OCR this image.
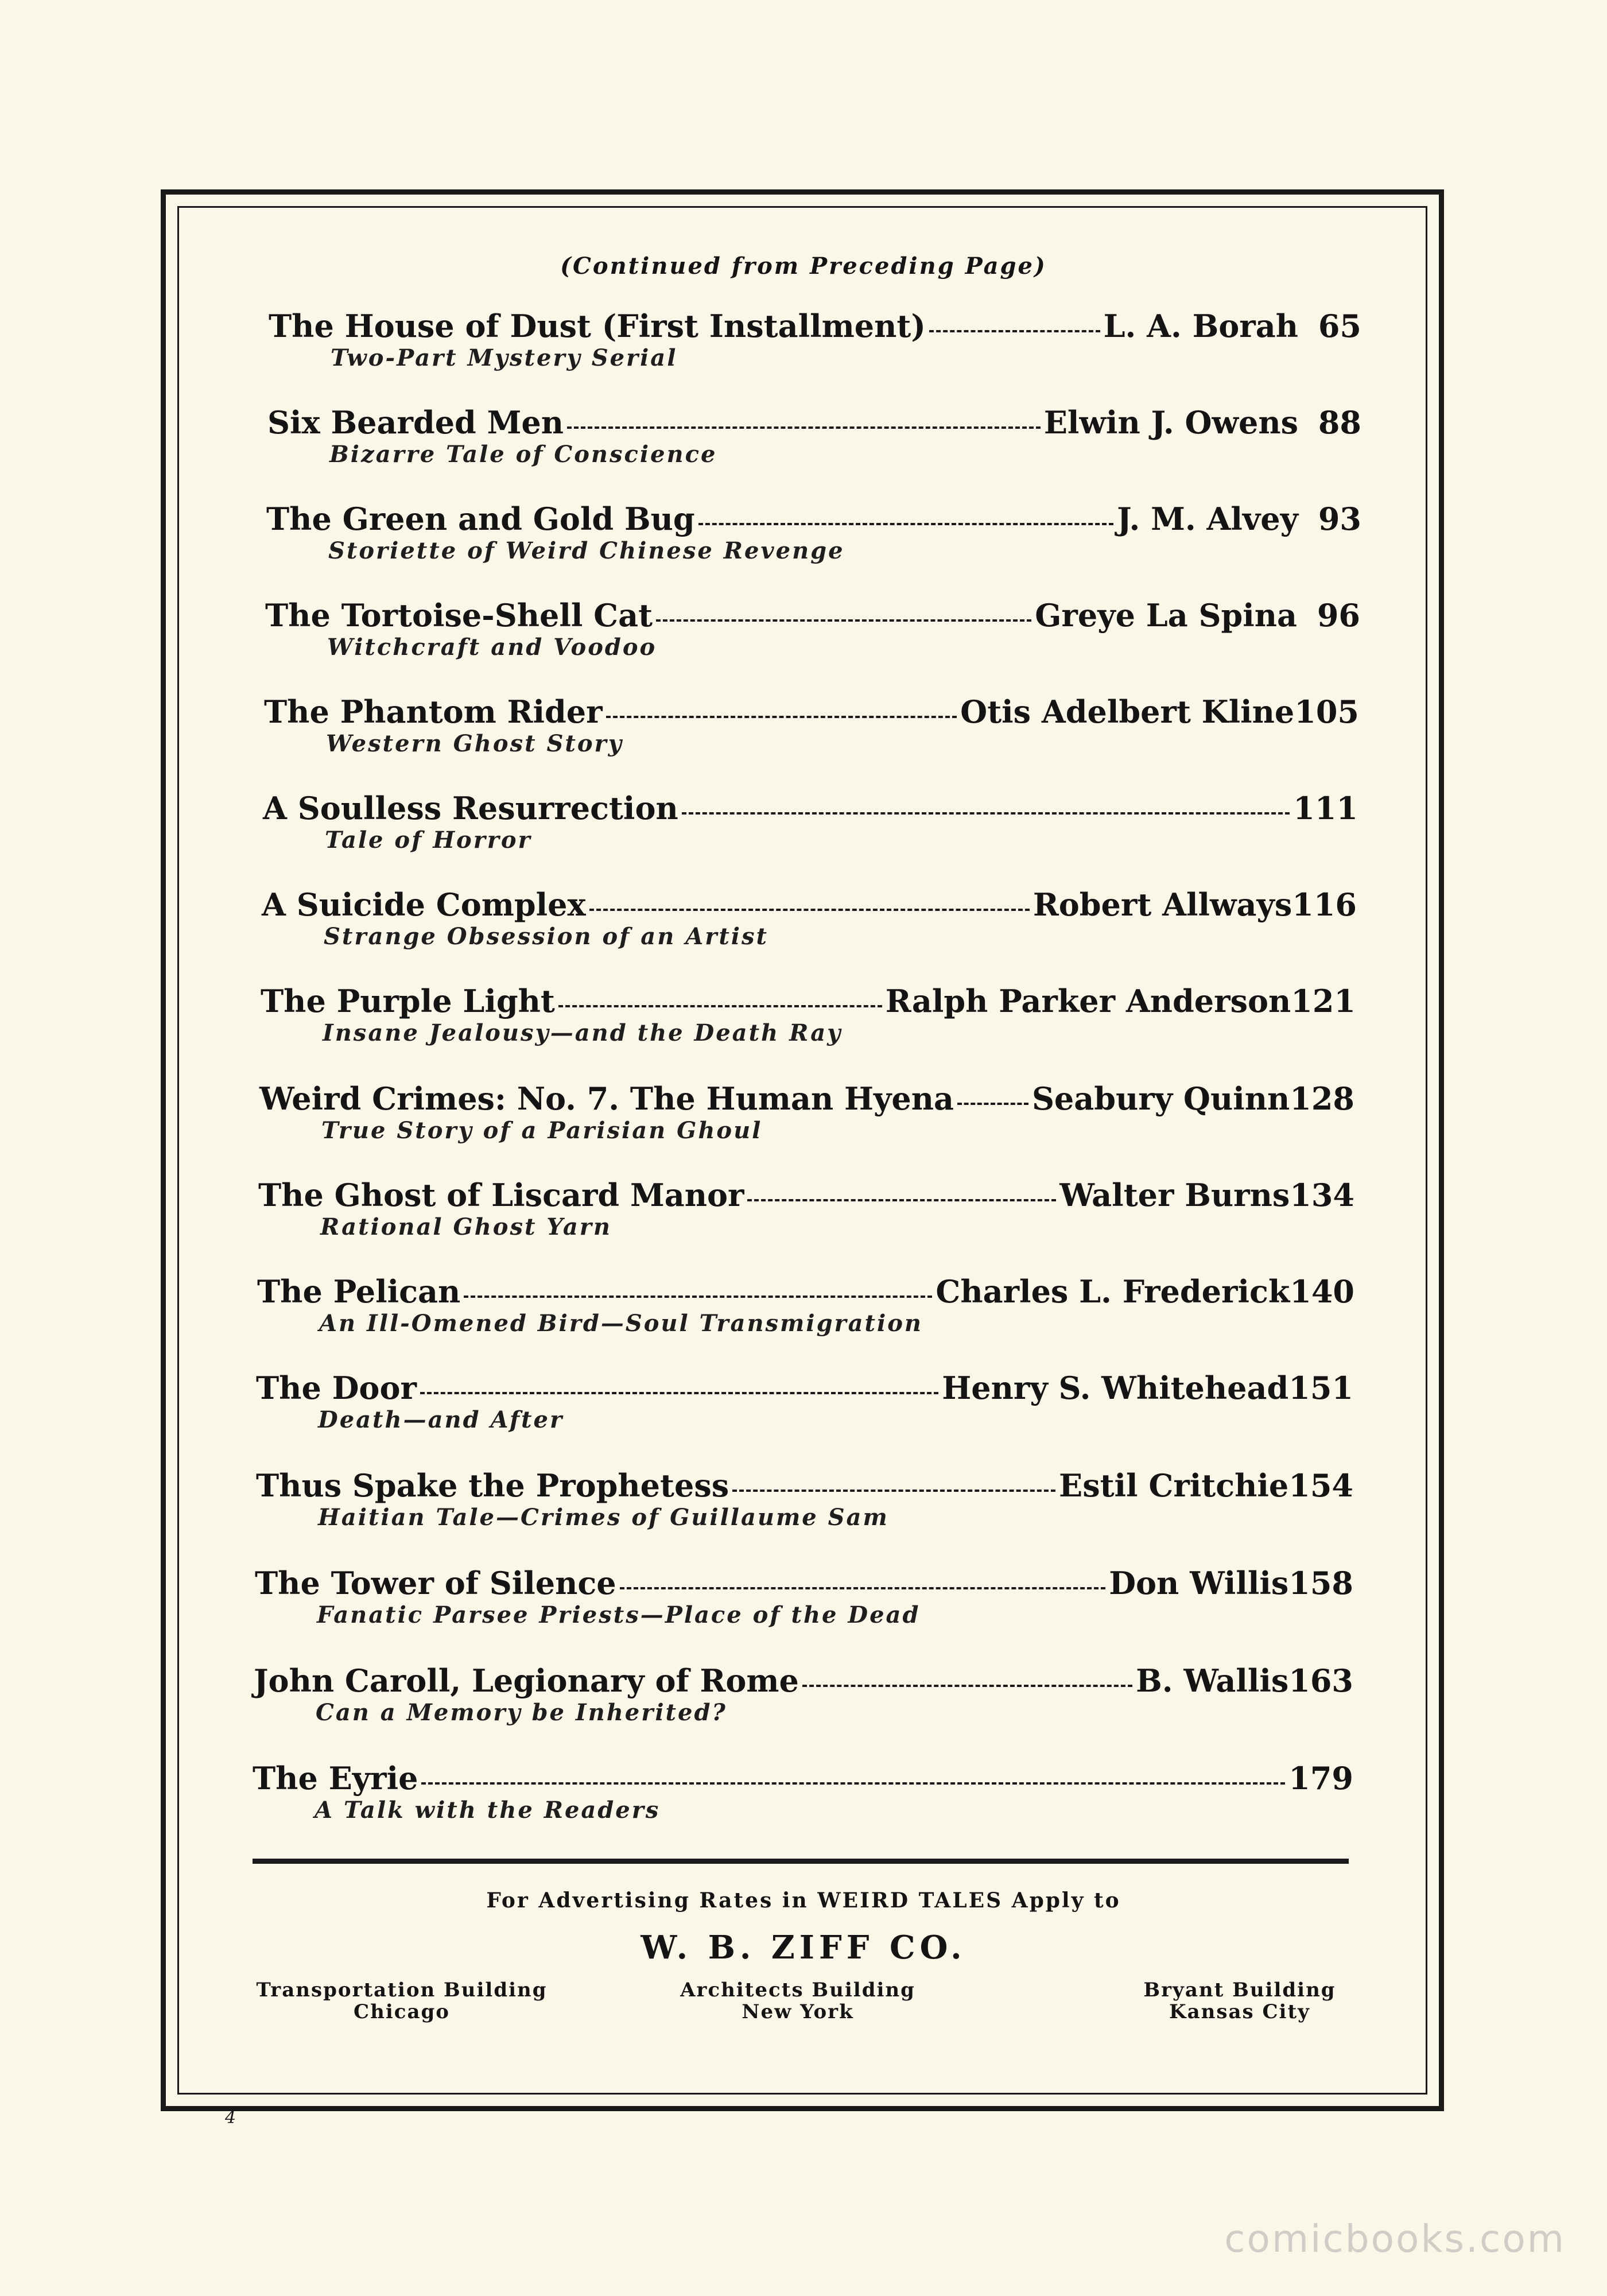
(Continued from Preceding Page)
The House of Dust (First Installment)	L. A. Borah 65
Two-Part Mystery Serial
Six Bearded Men	Elwin J. Owens 88
Bizarre Tale of Conscience
The Green and Gold Bug	J. M. Alvey 93
Storiette of Weird Chinese Revenge
The Tortoise-Shell Cat	Greye La Spina 96
Witchcraft and Voodoo
The Phantom Rider	Otis Adelbert Kline 105
Western Ghost Story
A Soulless Resurrection	111
Tale of Horror
A Suicide Complex	Robert Allways 116
Strange Obsession of an Artist
The Purple Light	Ralph Parker Anderson 121
Insane Jealousy—and the Death Ray
Weird Crimes: No. 7. The Human Hyena	Seabury Quinn 128
True Story of a Parisian Ghoul
The Ghost of Liscard Manor	Walter Burns 134
Rational Ghost Yarn
The Pelican	Charles L. Frederick 140
An Ill-Omened Bird—Soul Transmigration
The Door	Henry S. Whitehead 151
Death—and After
Thus Spake the Prophetess	Estil Critchie 154
Haitian Tale—Crimes of Guillaume Sam
The Tower of Silence	Don Willis 158
Fanatic Parsee Priests—Place of the Dead
John Caroll, Legionary of Rome	B. Wallis 163
Can a Memory be Inherited?
The Eyrie	179
A Talk with the Readers
For Advertising Rates in WEIRD TALES Apply to
W. B. ZIFF CO.
Transportation Building
Chicago
Architects Building
New York
Bryant Building
Kansas City
4
comicbooks.com
